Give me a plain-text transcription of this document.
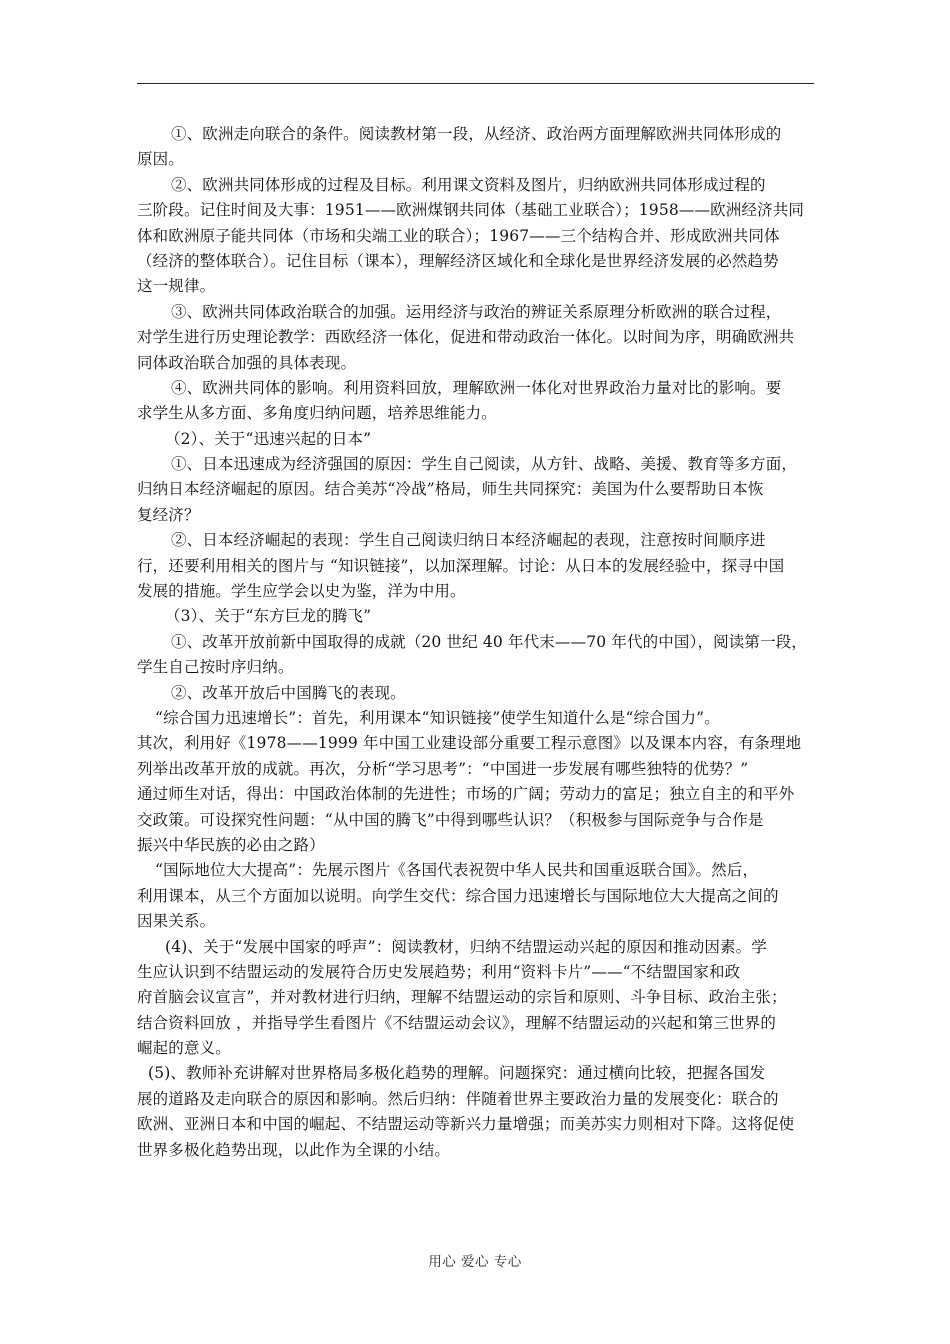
①、欧洲走向联合的条件。阅读教材第一段，从经济、政治两方面理解欧洲共同体形成的
原因。
②、欧洲共同体形成的过程及目标。利用课文资料及图片，归纳欧洲共同体形成过程的
三阶段。记住时间及大事：1951——欧洲煤钢共同体（基础工业联合）；1958——欧洲经济共同
体和欧洲原子能共同体（市场和尖端工业的联合）；1967——三个结构合并、形成欧洲共同体
（经济的整体联合）。记住目标（课本），理解经济区域化和全球化是世界经济发展的必然趋势
这一规律。
③、欧洲共同体政治联合的加强。运用经济与政治的辨证关系原理分析欧洲的联合过程，
对学生进行历史理论教学：西欧经济一体化，促进和带动政治一体化。以时间为序，明确欧洲共
同体政治联合加强的具体表现。
④、欧洲共同体的影响。利用资料回放，理解欧洲一体化对世界政治力量对比的影响。要
求学生从多方面、多角度归纳问题，培养思维能力。
（2）、关于“迅速兴起的日本”
①、日本迅速成为经济强国的原因：学生自己阅读，从方针、战略、美援、教育等多方面，
归纳日本经济崛起的原因。结合美苏“冷战”格局，师生共同探究：美国为什么要帮助日本恢
复经济？
②、日本经济崛起的表现：学生自己阅读归纳日本经济崛起的表现，注意按时间顺序进
行，还要利用相关的图片与 “知识链接”，以加深理解。讨论：从日本的发展经验中，探寻中国
发展的措施。学生应学会以史为鉴，洋为中用。
（3）、关于“东方巨龙的腾飞”
①、改革开放前新中国取得的成就（20 世纪 40 年代末——70 年代的中国），阅读第一段，
学生自己按时序归纳。
②、改革开放后中国腾飞的表现。
“综合国力迅速增长”：首先，利用课本“知识链接”使学生知道什么是“综合国力”。
其次，利用好《1978——1999 年中国工业建设部分重要工程示意图》以及课本内容，有条理地
列举出改革开放的成就。再次，分析“学习思考”：“中国进一步发展有哪些独特的优势？”
通过师生对话，得出：中国政治体制的先进性；市场的广阔；劳动力的富足；独立自主的和平外
交政策。可设探究性问题：“从中国的腾飞”中得到哪些认识？（积极参与国际竞争与合作是
振兴中华民族的必由之路）
“国际地位大大提高”：先展示图片《各国代表祝贺中华人民共和国重返联合国》。然后，
利用课本，从三个方面加以说明。向学生交代：综合国力迅速增长与国际地位大大提高之间的
因果关系。
(4)、关于“发展中国家的呼声”：阅读教材，归纳不结盟运动兴起的原因和推动因素。学
生应认识到不结盟运动的发展符合历史发展趋势；利用“资料卡片”——“不结盟国家和政
府首脑会议宣言”，并对教材进行归纳，理解不结盟运动的宗旨和原则、斗争目标、政治主张；
结合资料回放 ，并指导学生看图片《不结盟运动会议》，理解不结盟运动的兴起和第三世界的
崛起的意义。
(5)、教师补充讲解对世界格局多极化趋势的理解。问题探究：通过横向比较，把握各国发
展的道路及走向联合的原因和影响。然后归纳：伴随着世界主要政治力量的发展变化：联合的
欧洲、亚洲日本和中国的崛起、不结盟运动等新兴力量增强；而美苏实力则相对下降。这将促使
世界多极化趋势出现，以此作为全课的小结。
用心 爱心 专心
